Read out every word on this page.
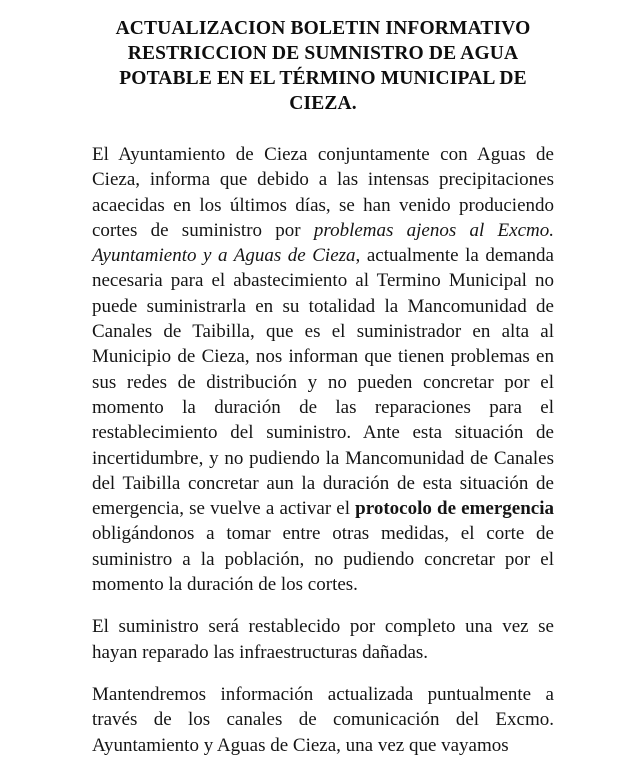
ACTUALIZACION BOLETIN INFORMATIVO
RESTRICCION DE SUMNISTRO DE AGUA
POTABLE EN EL TÉRMINO MUNICIPAL DE
CIEZA.

El Ayuntamiento de Cieza conjuntamente con Aguas de Cieza, informa que debido a las intensas precipitaciones acaecidas en los últimos días, se han venido produciendo cortes de suministro por problemas ajenos al Excmo. Ayuntamiento y a Aguas de Cieza, actualmente la demanda necesaria para el abastecimiento al Termino Municipal no puede suministrarla en su totalidad la Mancomunidad de Canales de Taibilla, que es el suministrador en alta al Municipio de Cieza, nos informan que tienen problemas en sus redes de distribución y no pueden concretar por el momento la duración de las reparaciones para el restablecimiento del suministro. Ante esta situación de incertidumbre, y no pudiendo la Mancomunidad de Canales del Taibilla concretar aun la duración de esta situación de emergencia, se vuelve a activar el protocolo de emergencia obligándonos a tomar entre otras medidas, el corte de suministro a la población, no pudiendo concretar por el momento la duración de los cortes.

El suministro será restablecido por completo una vez se hayan reparado las infraestructuras dañadas.

Mantendremos información actualizada puntualmente a través de los canales de comunicación del Excmo. Ayuntamiento y Aguas de Cieza, una vez que vayamos
